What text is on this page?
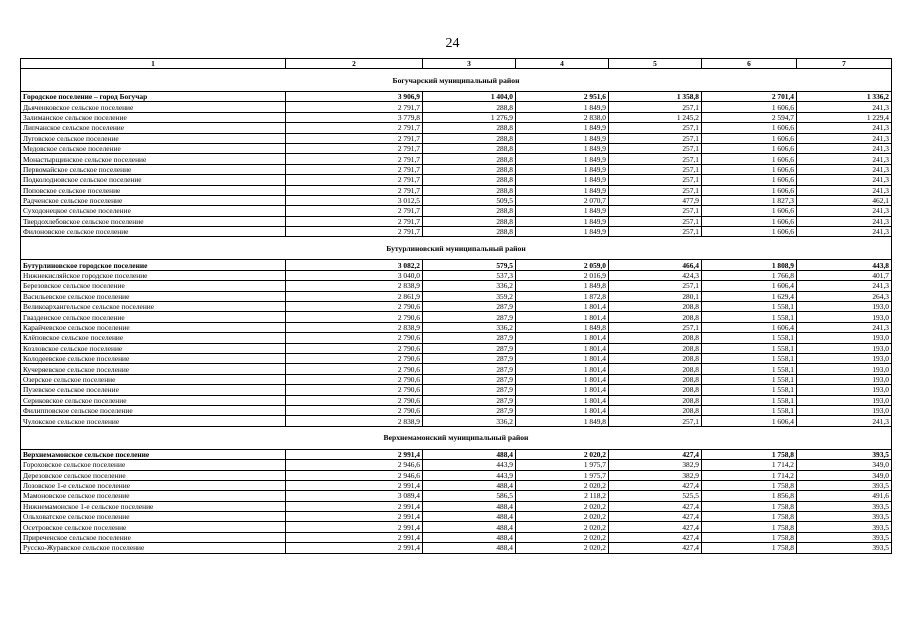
24
1	2	3	4	5	6	7
Богучарский муниципальный район						
Городское поселение – город Богучар	3 906,9	1 404,0	2 951,6	1 358,8	2 701,4	1 336,2
Дьяченковское сельское поселение	2 791,7	288,8	1 849,9	257,1	1 606,6	241,3
Залиманское сельское поселение	3 779,8	1 276,9	2 838,0	1 245,2	2 594,7	1 229,4
Липчанское сельское поселение	2 791,7	288,8	1 849,9	257,1	1 606,6	241,3
Луговское сельское поселение	2 791,7	288,8	1 849,9	257,1	1 606,6	241,3
Медовское сельское поселение	2 791,7	288,8	1 849,9	257,1	1 606,6	241,3
Монастырщинское сельское поселение	2 791,7	288,8	1 849,9	257,1	1 606,6	241,3
Первомайское сельское поселение	2 791,7	288,8	1 849,9	257,1	1 606,6	241,3
Подколодновское сельское поселение	2 791,7	288,8	1 849,9	257,1	1 606,6	241,3
Поповское сельское поселение	2 791,7	288,8	1 849,9	257,1	1 606,6	241,3
Радченское сельское поселение	3 012,5	509,5	2 070,7	477,9	1 827,3	462,1
Суходонецкое сельское поселение	2 791,7	288,8	1 849,9	257,1	1 606,6	241,3
Твердохлебовское сельское поселение	2 791,7	288,8	1 849,9	257,1	1 606,6	241,3
Филоновское сельское поселение	2 791,7	288,8	1 849,9	257,1	1 606,6	241,3
Бутурлиновский муниципальный район						
Бутурлиновское городское поселение	3 082,2	579,5	2 059,0	466,4	1 808,9	443,8
Нижнекисляйское городское поселение	3 040,0	537,3	2 016,9	424,3	1 766,8	401,7
Березовское сельское поселение	2 838,9	336,2	1 849,8	257,1	1 606,4	241,3
Васильевское сельское поселение	2 861,9	359,2	1 872,8	280,1	1 629,4	264,3
Великоархангельское сельское поселение	2 790,6	287,9	1 801,4	208,8	1 558,1	193,0
Гвазденское сельское поселение	2 790,6	287,9	1 801,4	208,8	1 558,1	193,0
Карайчевское сельское поселение	2 838,9	336,2	1 849,8	257,1	1 606,4	241,3
Клёповское сельское поселение	2 790,6	287,9	1 801,4	208,8	1 558,1	193,0
Козловское сельское поселение	2 790,6	287,9	1 801,4	208,8	1 558,1	193,0
Колодеевское сельское поселение	2 790,6	287,9	1 801,4	208,8	1 558,1	193,0
Кучеряевское сельское поселение	2 790,6	287,9	1 801,4	208,8	1 558,1	193,0
Озерское сельское поселение	2 790,6	287,9	1 801,4	208,8	1 558,1	193,0
Пузевское сельское поселение	2 790,6	287,9	1 801,4	208,8	1 558,1	193,0
Сериковское сельское поселение	2 790,6	287,9	1 801,4	208,8	1 558,1	193,0
Филипповское сельское поселение	2 790,6	287,9	1 801,4	208,8	1 558,1	193,0
Чулокское сельское поселение	2 838,9	336,2	1 849,8	257,1	1 606,4	241,3
Верхнемамонский муниципальный район						
Верхнемамонское сельское поселение	2 991,4	488,4	2 020,2	427,4	1 758,8	393,5
Гороховское сельское поселение	2 946,6	443,9	1 975,7	382,9	1 714,2	349,0
Дерезовское сельское поселение	2 946,6	443,9	1 975,7	382,9	1 714,2	349,0
Лозовское 1-е сельское поселение	2 991,4	488,4	2 020,2	427,4	1 758,8	393,5
Мамоновское сельское поселение	3 089,4	586,5	2 118,2	525,5	1 856,8	491,6
Нижнемамонское 1-е сельское поселение	2 991,4	488,4	2 020,2	427,4	1 758,8	393,5
Ольховатское сельское поселение	2 991,4	488,4	2 020,2	427,4	1 758,8	393,5
Осетровское сельское поселение	2 991,4	488,4	2 020,2	427,4	1 758,8	393,5
Приреченское сельское поселение	2 991,4	488,4	2 020,2	427,4	1 758,8	393,5
Русско-Журавское сельское поселение	2 991,4	488,4	2 020,2	427,4	1 758,8	393,5
